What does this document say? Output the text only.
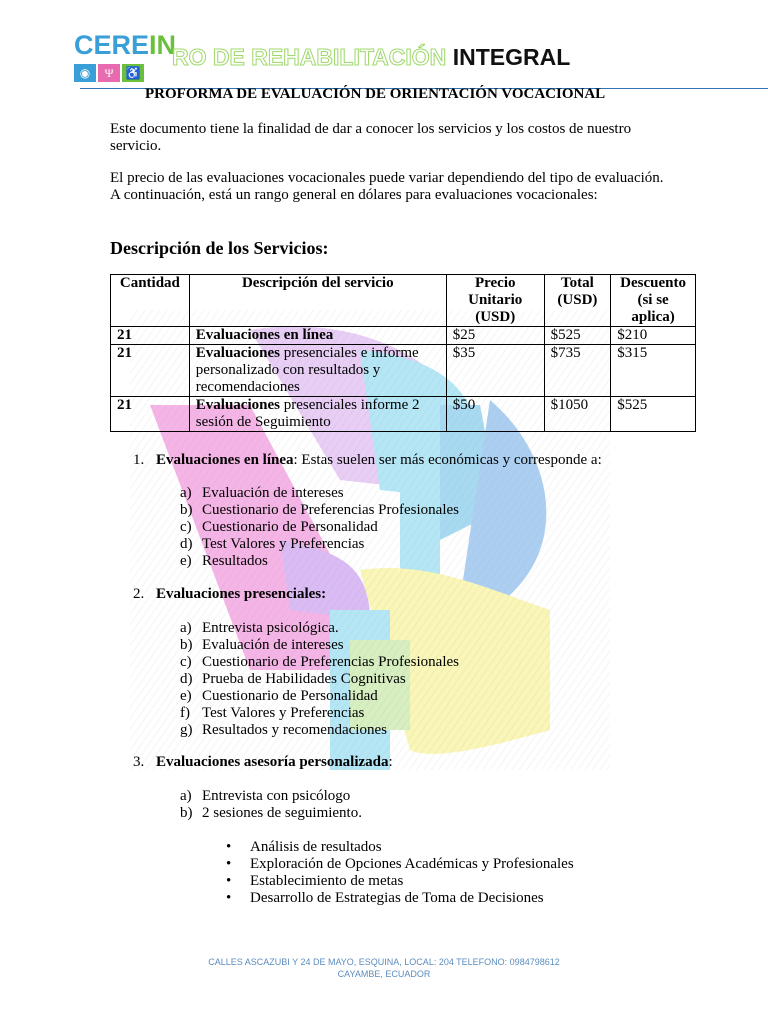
CEREIN
◉	Ψ	♿
RO DE REHABILITACIÓN INTEGRAL
PROFORMA DE EVALUACIÓN DE ORIENTACIÓN VOCACIONAL
Este documento tiene la finalidad de dar a conocer los servicios y los costos de nuestro servicio.
El precio de las evaluaciones vocacionales puede variar dependiendo del tipo de evaluación. A continuación, está un rango general en dólares para evaluaciones vocacionales:
Descripción de los Servicios:
Cantidad	Descripción del servicio	Precio Unitario (USD)	Total (USD)	Descuento (si se aplica)
21	Evaluaciones en línea	$25	$525	$210
21	Evaluaciones presenciales e informe personalizado con resultados y recomendaciones	$35	$735	$315
21	Evaluaciones presenciales informe 2 sesión de Seguimiento	$50	$1050	$525
1. Evaluaciones en línea: Estas suelen ser más económicas y corresponde a:
a) Evaluación de intereses
b) Cuestionario de Preferencias Profesionales
c) Cuestionario de Personalidad
d) Test Valores y Preferencias
e) Resultados
2. Evaluaciones presenciales:
a) Entrevista psicológica.
b) Evaluación de intereses
c) Cuestionario de Preferencias Profesionales
d) Prueba de Habilidades Cognitivas
e) Cuestionario de Personalidad
f) Test Valores y Preferencias
g) Resultados y recomendaciones
3. Evaluaciones asesoría personalizada:
a) Entrevista con psicólogo
b) 2 sesiones de seguimiento.
•	Análisis de resultados
•	Exploración de Opciones Académicas y Profesionales
•	Establecimiento de metas
•	Desarrollo de Estrategias de Toma de Decisiones
CALLES ASCAZUBI Y 24 DE MAYO, ESQUINA, LOCAL: 204 TELEFONO: 0984798612
CAYAMBE, ECUADOR
